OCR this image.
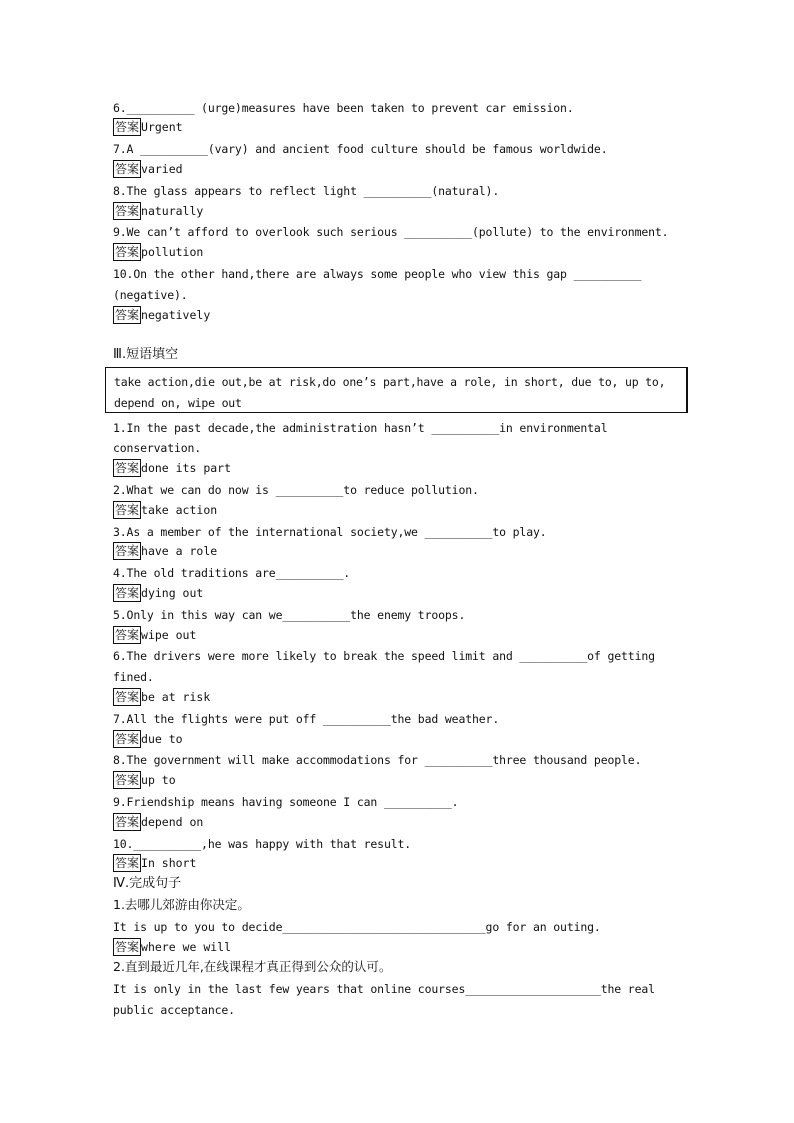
6.__________ (urge)measures have been taken to prevent car emission.
答案 Urgent
7.A __________(vary) and ancient food culture should be famous worldwide.
答案 varied
8.The glass appears to reflect light __________(natural).
答案 naturally
9.We can’t afford to overlook such serious __________(pollute) to the environment.
答案 pollution
10.On the other hand,there are always some people who view this gap __________
(negative).
答案 negatively
Ⅲ.短语填空
take action,die out,be at risk,do one’s part,have a role, in short, due to, up to,
depend on, wipe out
1.In the past decade,the administration hasn’t __________in environmental
conservation.
答案 done its part
2.What we can do now is __________to reduce pollution.
答案 take action
3.As a member of the international society,we __________to play.
答案 have a role
4.The old traditions are__________.
答案 dying out
5.Only in this way can we__________the enemy troops.
答案 wipe out
6.The drivers were more likely to break the speed limit and __________of getting
fined.
答案 be at risk
7.All the flights were put off __________the bad weather.
答案 due to
8.The government will make accommodations for __________three thousand people.
答案 up to
9.Friendship means having someone I can __________.
答案 depend on
10.__________,he was happy with that result.
答案 In short
Ⅳ.完成句子
1.去哪儿郊游由你决定。
It is up to you to decide______________________________go for an outing.
答案 where we will
2.直到最近几年,在线课程才真正得到公众的认可。
It is only in the last few years that online courses____________________the real
public acceptance.
